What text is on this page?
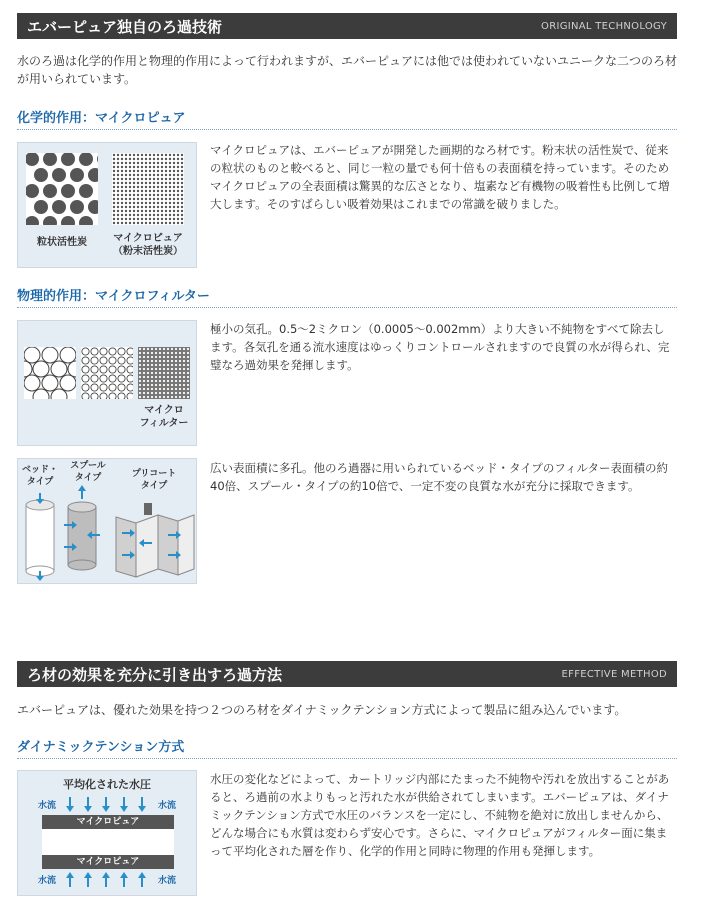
エバーピュア独自のろ過技術	ORIGINAL TECHNOLOGY
水のろ過は化学的作用と物理的作用によって行われますが、エバーピュアには他では使われていないユニークな二つのろ材が用いられています。
化学的作用：マイクロピュア
粒状活性炭	マイクロピュア
（粉末活性炭）
マイクロピュアは、エバーピュアが開発した画期的なろ材です。粉末状の活性炭で、従来の粒状のものと較べると、同じ一粒の量でも何十倍もの表面積を持っています。そのためマイクロピュアの全表面積は驚異的な広さとなり、塩素など有機物の吸着性も比例して増大します。そのすばらしい吸着効果はこれまでの常識を破りました。
物理的作用：マイクロフィルター
マイクロ
フィルター
極小の気孔。0.5～2ミクロン（0.0005～0.002mm）より大きい不純物をすべて除去します。各気孔を通る流水速度はゆっくりコントロールされますので良質の水が得られ、完璧なろ過効果を発揮します。
ベッド・
タイプ
スプール
タイプ	プリコート
タイプ
広い表面積に多孔。他のろ過器に用いられているベッド・タイプのフィルター表面積の約40倍、スプール・タイプの約10倍で、一定不変の良質な水が充分に採取できます。
ろ材の効果を充分に引き出すろ過方法	EFFECTIVE METHOD
エバーピュアは、優れた効果を持つ２つのろ材をダイナミックテンション方式によって製品に組み込んでいます。
ダイナミックテンション方式
平均化された水圧
水流	水流
水流	水流
マイクロピュア
マイクロピュア
水圧の変化などによって、カートリッジ内部にたまった不純物や汚れを放出することがあると、ろ過前の水よりもっと汚れた水が供給されてしまいます。エバーピュアは、ダイナミックテンション方式で水圧のバランスを一定にし、不純物を絶対に放出しませんから、どんな場合にも水質は変わらず安心です。さらに、マイクロピュアがフィルター面に集まって平均化された層を作り、化学的作用と同時に物理的作用も発揮します。
